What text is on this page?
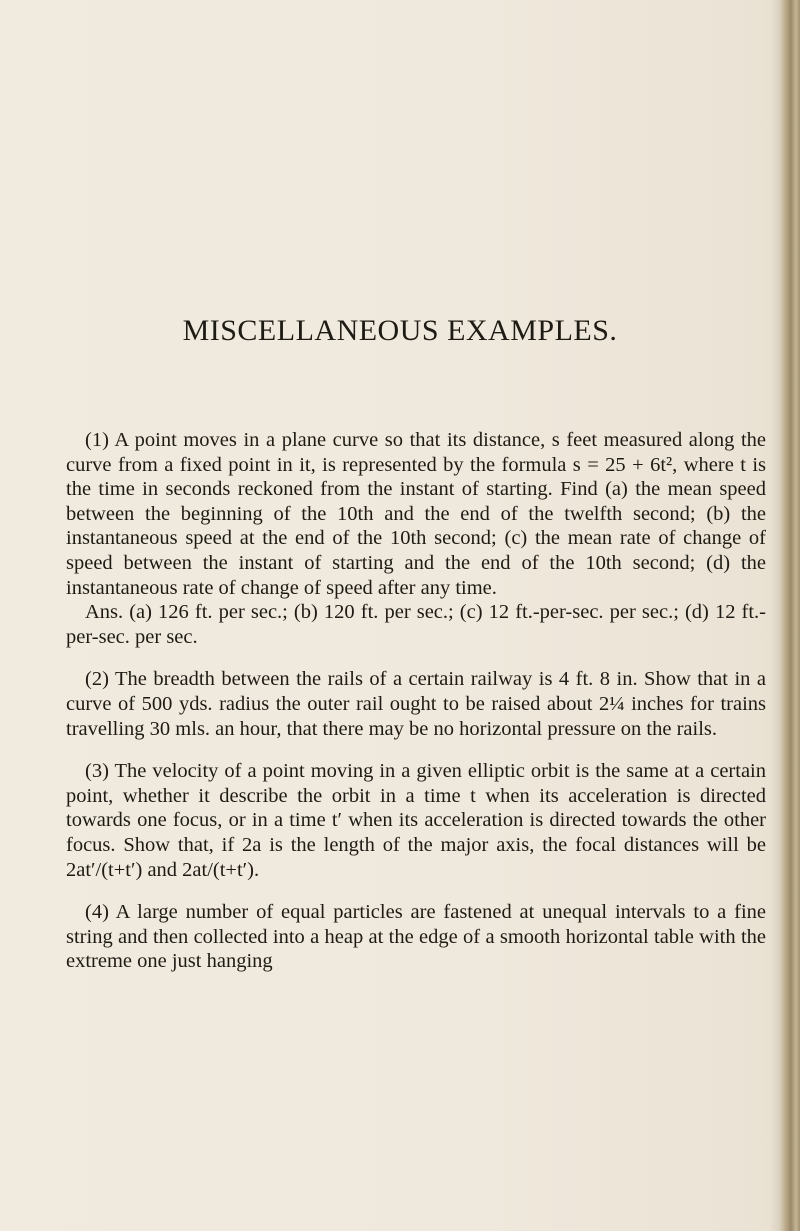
MISCELLANEOUS EXAMPLES.

(1) A point moves in a plane curve so that its distance, s feet measured along the curve from a fixed point in it, is represented by the formula s = 25 + 6t², where t is the time in seconds reckoned from the instant of starting. Find (a) the mean speed between the beginning of the 10th and the end of the twelfth second; (b) the instantaneous speed at the end of the 10th second; (c) the mean rate of change of speed between the instant of starting and the end of the 10th second; (d) the instantaneous rate of change of speed after any time.

Ans. (a) 126 ft. per sec.; (b) 120 ft. per sec.; (c) 12 ft.-per-sec. per sec.; (d) 12 ft.-per-sec. per sec.

(2) The breadth between the rails of a certain railway is 4 ft. 8 in. Show that in a curve of 500 yds. radius the outer rail ought to be raised about 2¼ inches for trains travelling 30 mls. an hour, that there may be no horizontal pressure on the rails.

(3) The velocity of a point moving in a given elliptic orbit is the same at a certain point, whether it describe the orbit in a time t when its acceleration is directed towards one focus, or in a time t′ when its acceleration is directed towards the other focus. Show that, if 2a is the length of the major axis, the focal distances will be 2at′/(t+t′) and 2at/(t+t′).

(4) A large number of equal particles are fastened at unequal intervals to a fine string and then collected into a heap at the edge of a smooth horizontal table with the extreme one just hanging
